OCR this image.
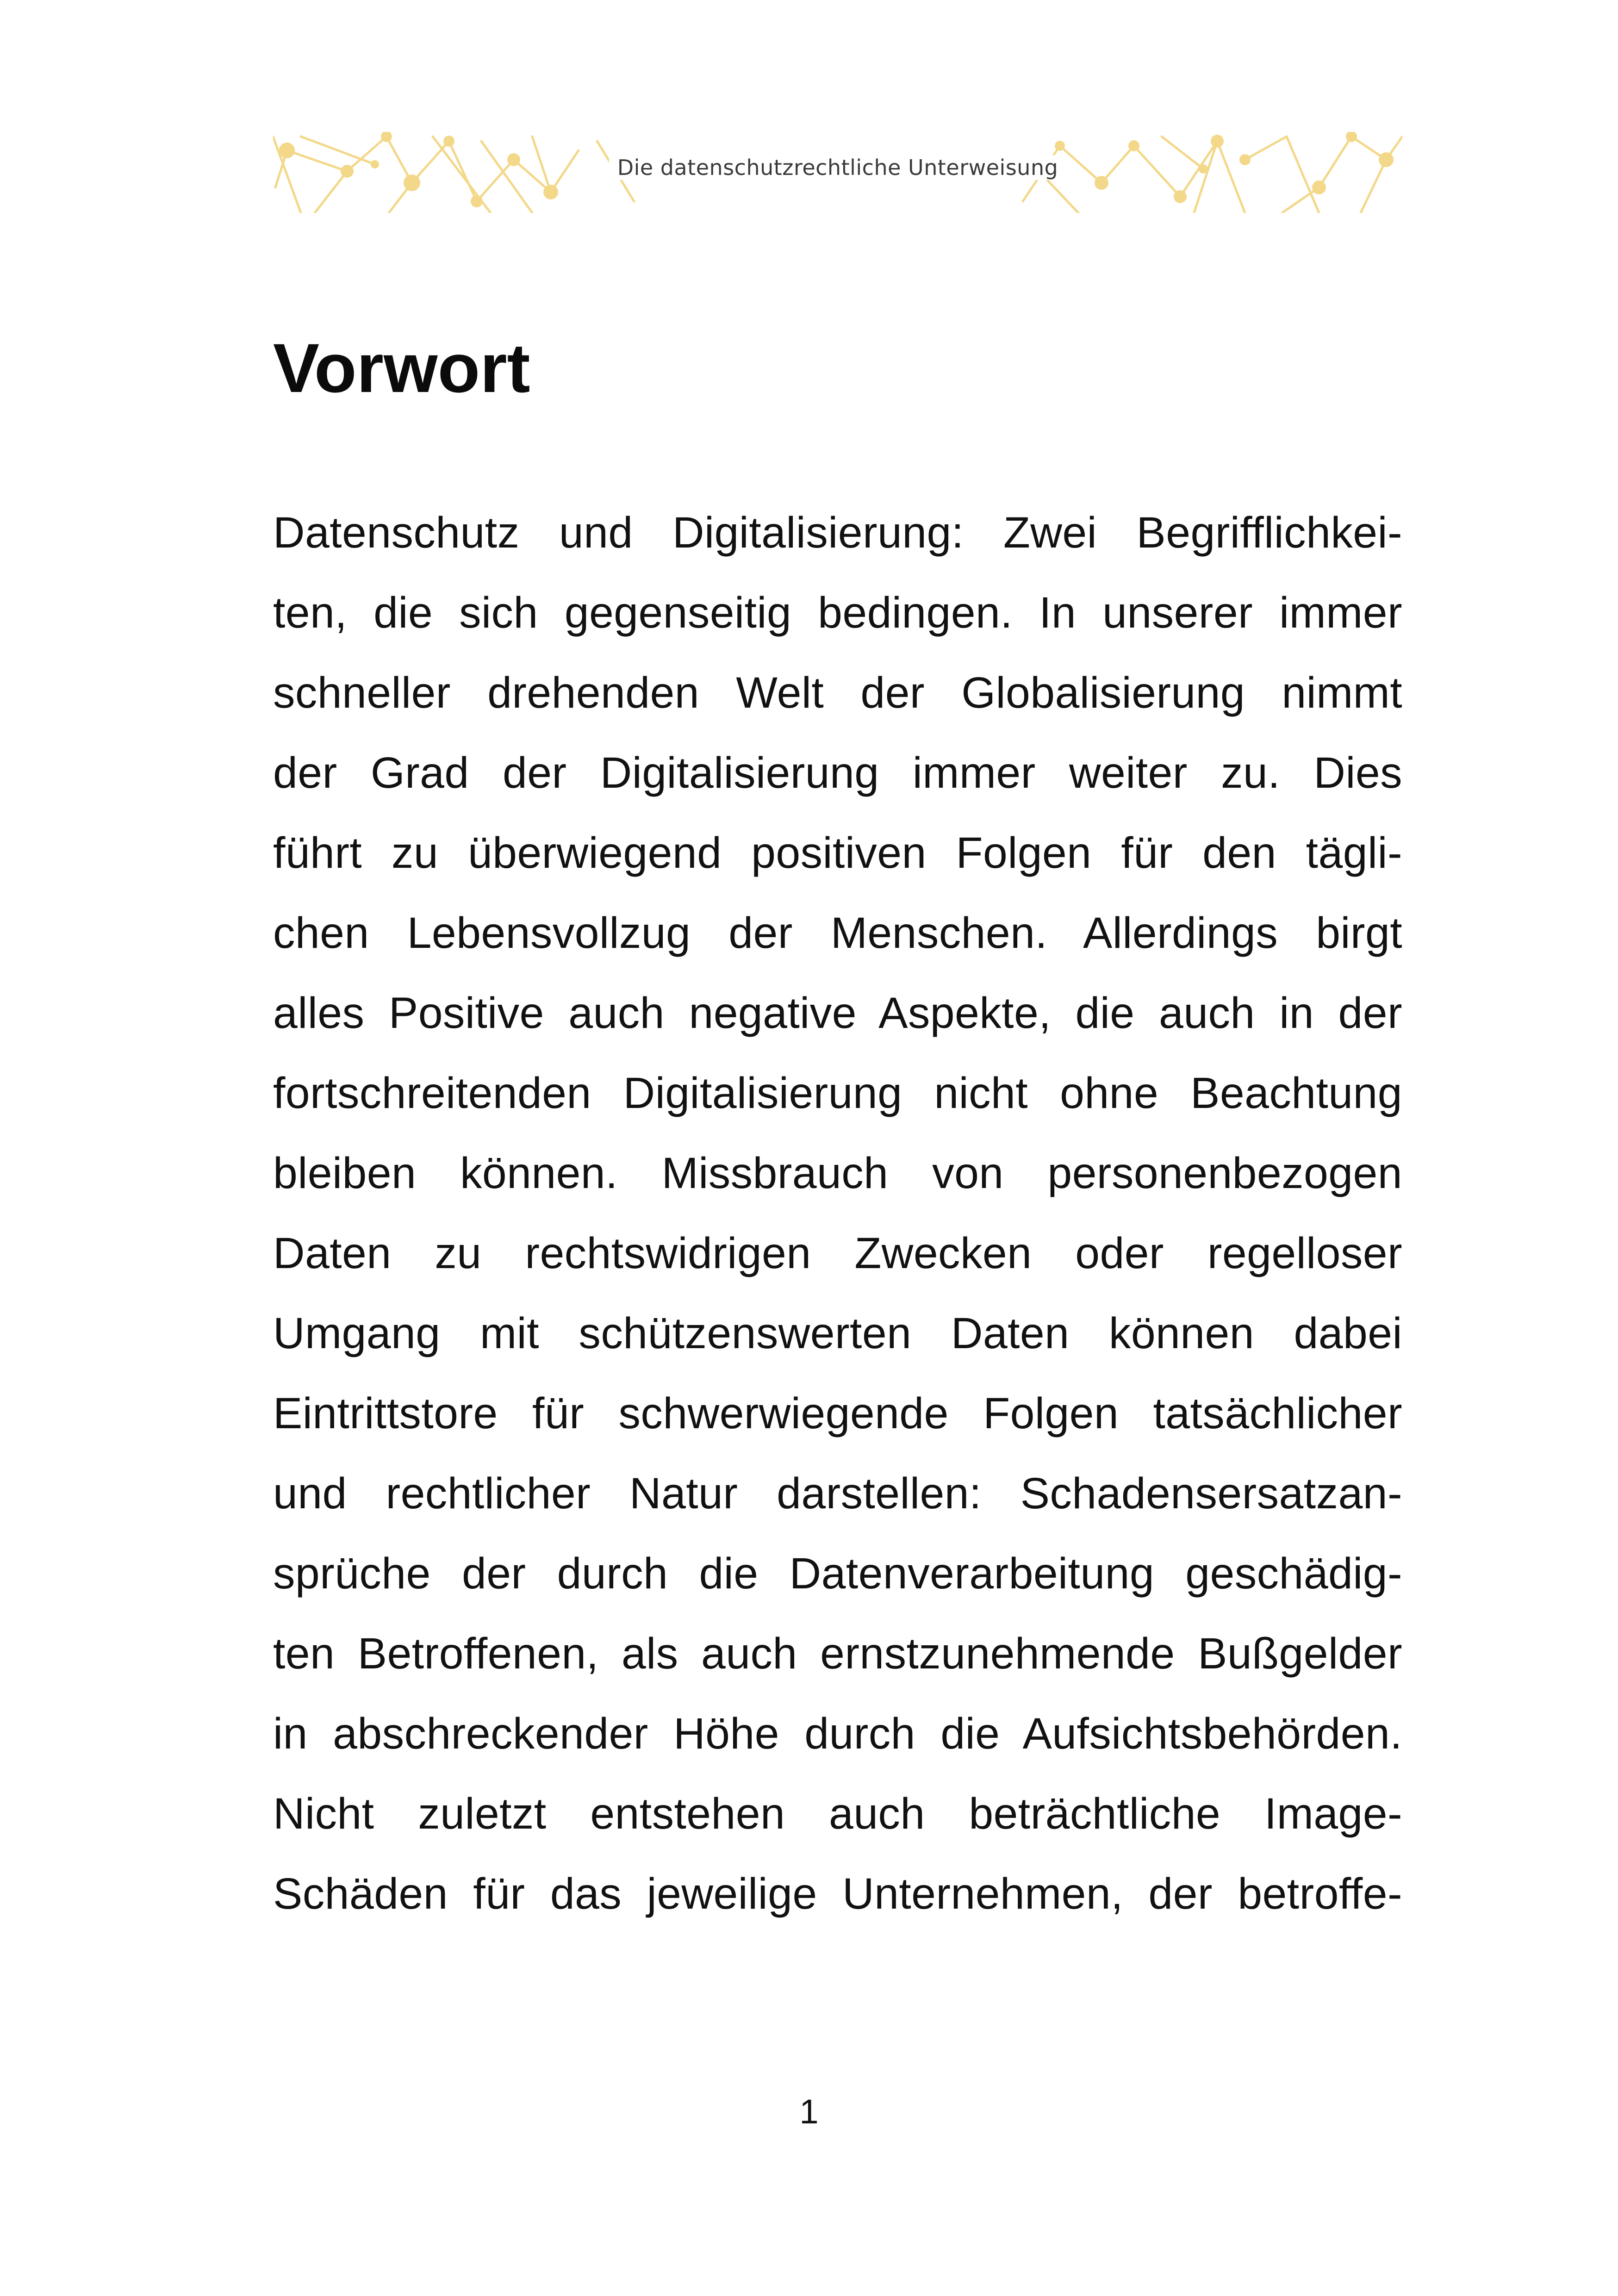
Die datenschutzrechtliche Unterweisung
Vorwort
Datenschutz und Digitalisierung: Zwei Begrifflichkei-
ten, die sich gegenseitig bedingen. In unserer immer
schneller drehenden Welt der Globalisierung nimmt
der Grad der Digitalisierung immer weiter zu. Dies
führt zu überwiegend positiven Folgen für den tägli-
chen Lebensvollzug der Menschen. Allerdings birgt
alles Positive auch negative Aspekte, die auch in der
fortschreitenden Digitalisierung nicht ohne Beachtung
bleiben können. Missbrauch von personenbezogen
Daten zu rechtswidrigen Zwecken oder regelloser
Umgang mit schützenswerten Daten können dabei
Eintrittstore für schwerwiegende Folgen tatsächlicher
und rechtlicher Natur darstellen: Schadensersatzan-
sprüche der durch die Datenverarbeitung geschädig-
ten Betroffenen, als auch ernstzunehmende Bußgelder
in abschreckender Höhe durch die Aufsichtsbehörden.
Nicht zuletzt entstehen auch beträchtliche Image-
Schäden für das jeweilige Unternehmen, der betroffe-
1
